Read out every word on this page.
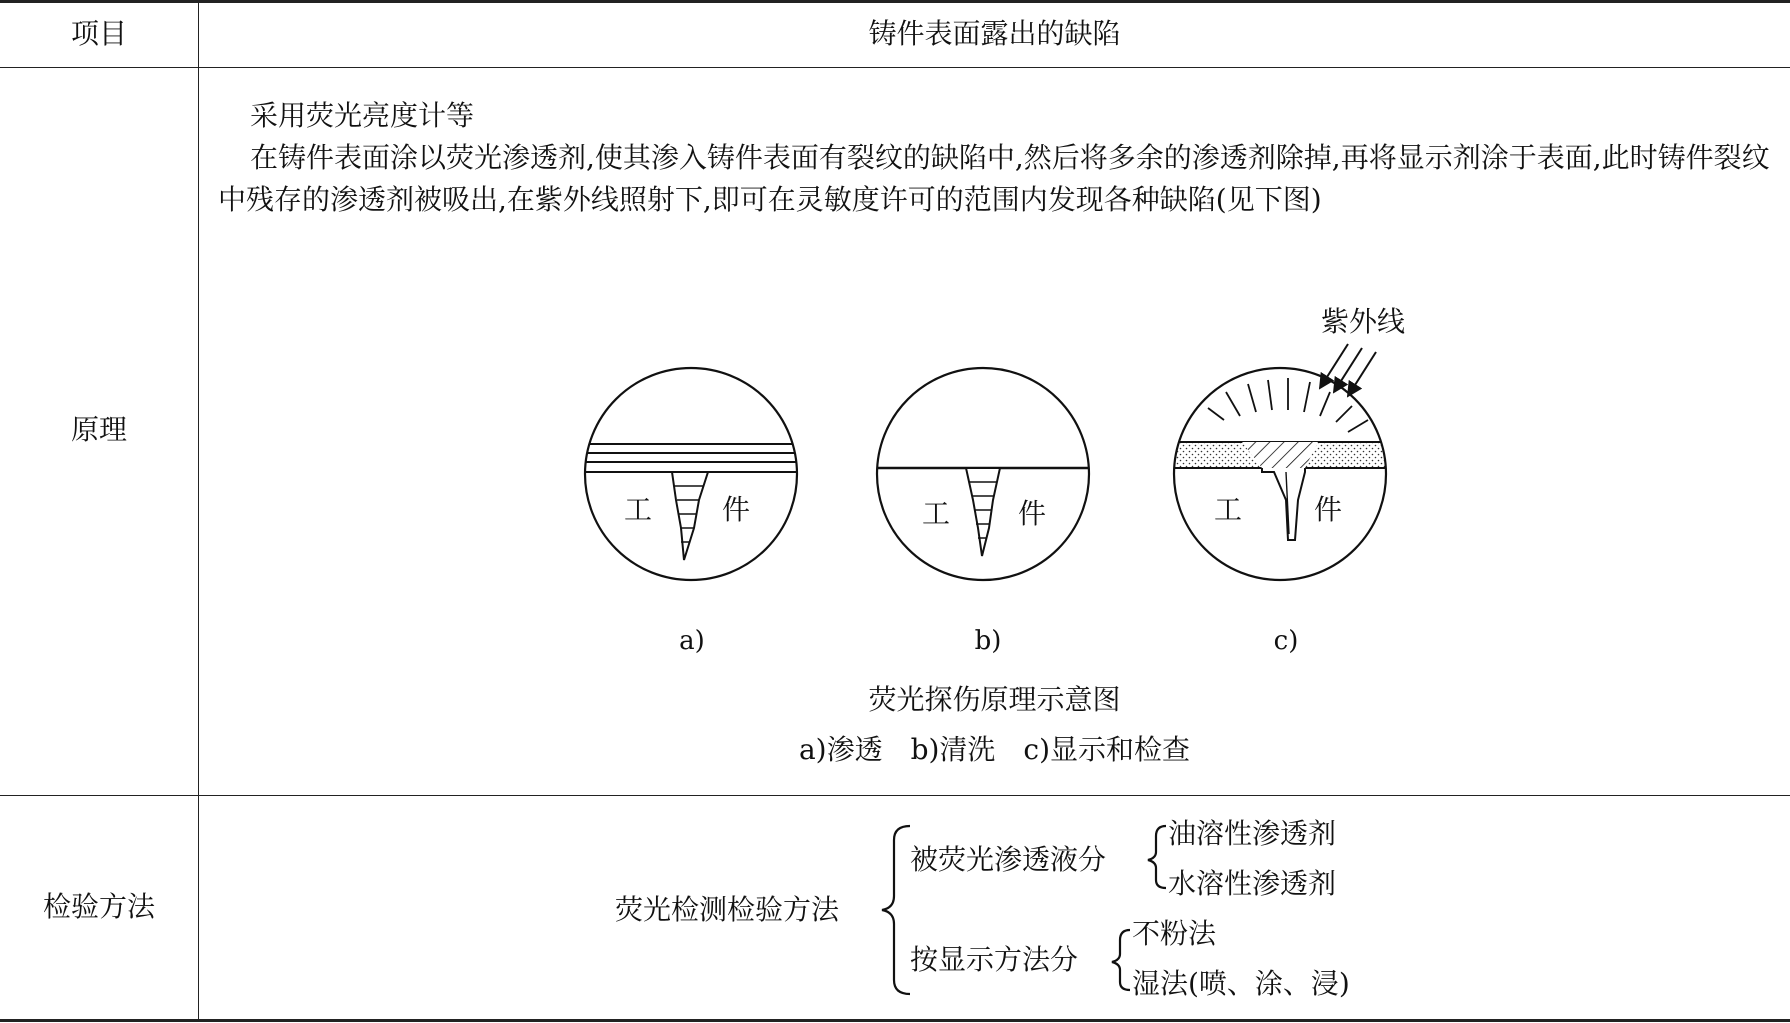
项目	铸件表面露出的缺陷
原理

采用荧光亮度计等

在铸件表面涂以荧光渗透剂,使其渗入铸件表面有裂纹的缺陷中,然后将多余的渗透剂除掉,再将显示剂涂于表面,此时铸件裂纹中残存的渗透剂被吸出,在紫外线照射下,即可在灵敏度许可的范围内发现各种缺陷(见下图)

紫外线
工 件	工 件	工	件
a)	b)	c)
荧光探伤原理示意图
a)渗透　b)清洗　c)显示和检查
检验方法	荧光检测检验方法
被荧光渗透液分
油溶性渗透剂
水溶性渗透剂
按显示方法分
不粉法
湿法(喷、涂、浸)
